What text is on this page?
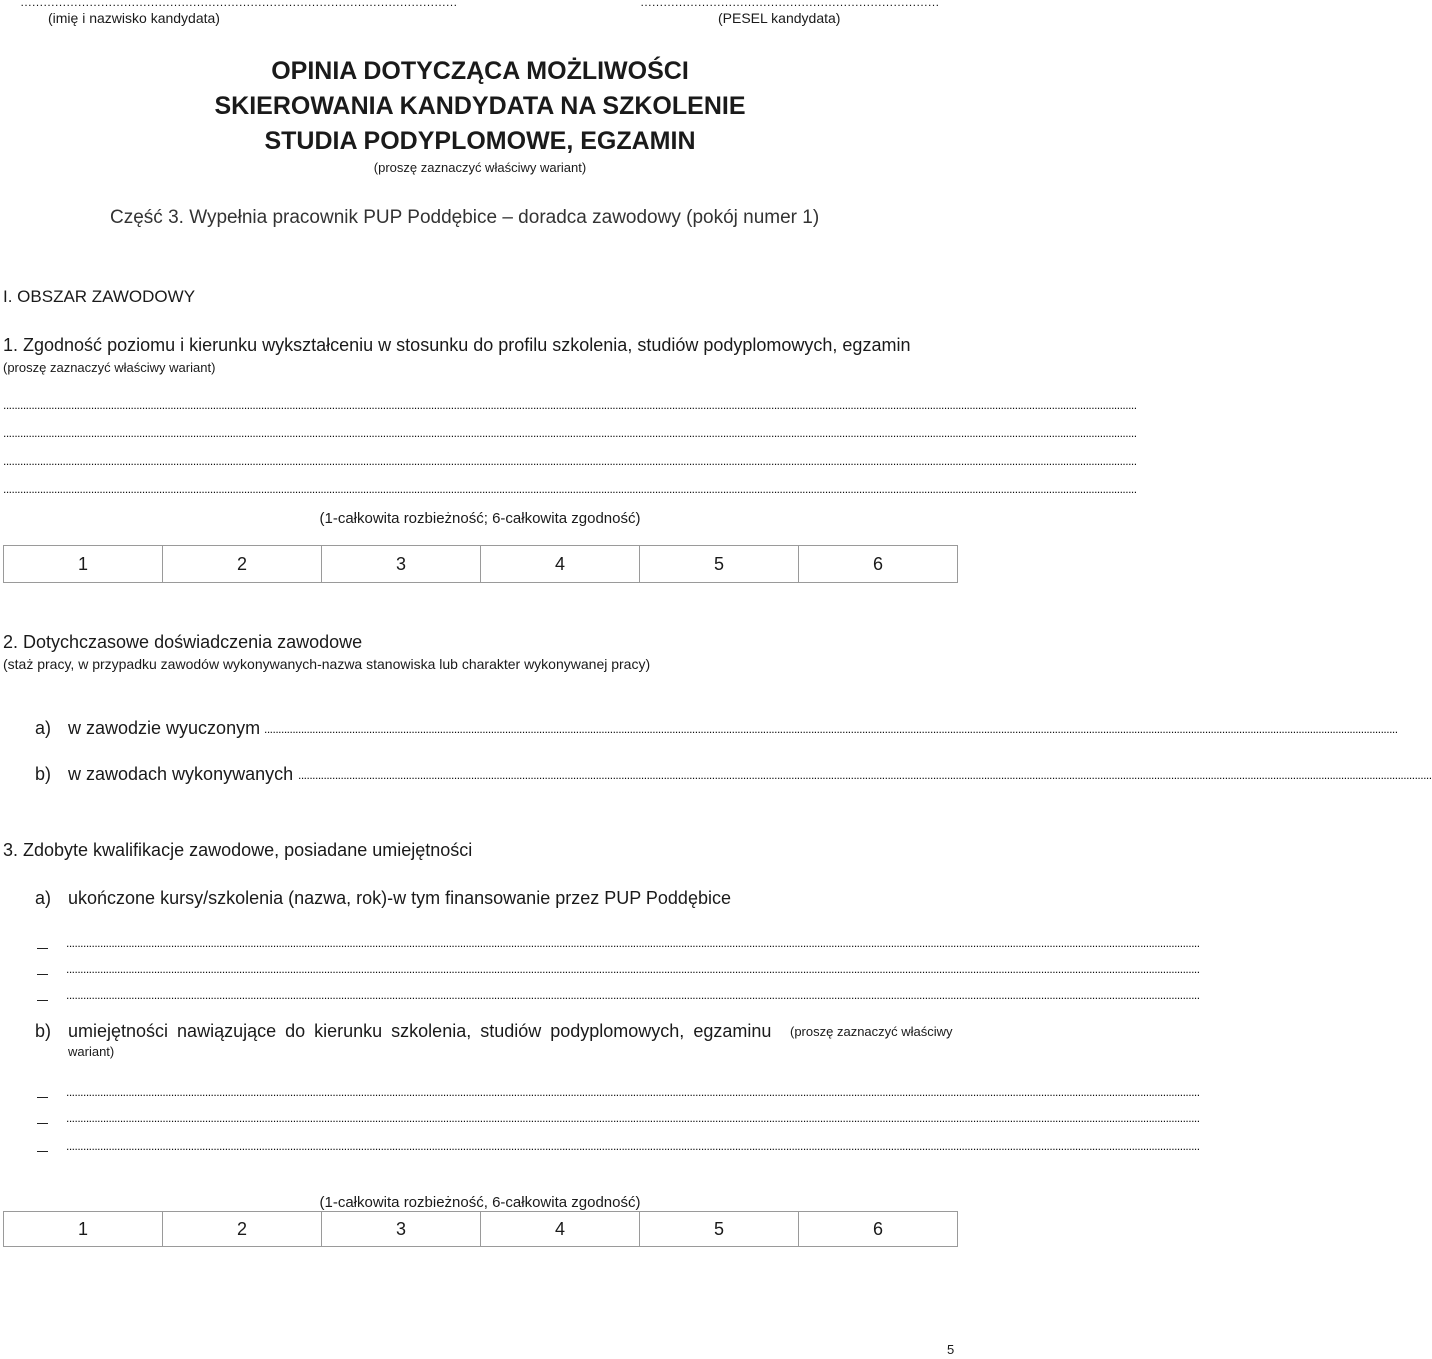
……………………………………………………………………………………………………	……………………………………………………………………
(imię i nazwisko kandydata)	(PESEL kandydata)
OPINIA DOTYCZĄCA MOŻLIWOŚCI
SKIEROWANIA KANDYDATA NA SZKOLENIE
STUDIA PODYPLOMOWE, EGZAMIN
(proszę zaznaczyć właściwy wariant)
Część 3. Wypełnia pracownik PUP Poddębice – doradca zawodowy (pokój numer 1)
I. OBSZAR ZAWODOWY
1. Zgodność poziomu i kierunku wykształceniu w stosunku do profilu szkolenia, studiów podyplomowych, egzamin
(proszę zaznaczyć właściwy wariant)
................................................................................................................................................................................................................................................................................................................................................................................................................
................................................................................................................................................................................................................................................................................................................................................................................................................
................................................................................................................................................................................................................................................................................................................................................................................................................
................................................................................................................................................................................................................................................................................................................................................................................................................
(1-całkowita rozbieżność; 6-całkowita zgodność)
1	2	3	4	5	6
2. Dotychczasowe doświadczenia zawodowe
(staż pracy, w przypadku zawodów wykonywanych-nazwa stanowiska lub charakter wykonywanej pracy)
a) w zawodzie wyuczonym ................................................................................................................................................................................................................................................................................................................................................................................................................
b) w zawodach wykonywanych ................................................................................................................................................................................................................................................................................................................................................................................................................
3. Zdobyte kwalifikacje zawodowe, posiadane umiejętności
a) ukończone kursy/szkolenia (nazwa, rok)-w tym finansowanie przez PUP Poddębice
................................................................................................................................................................................................................................................................................................................................................................................................................
................................................................................................................................................................................................................................................................................................................................................................................................................
................................................................................................................................................................................................................................................................................................................................................................................................................
b) umiejętności nawiązujące do kierunku szkolenia, studiów podyplomowych, egzaminu (proszę zaznaczyć właściwy
wariant)
................................................................................................................................................................................................................................................................................................................................................................................................................
................................................................................................................................................................................................................................................................................................................................................................................................................
................................................................................................................................................................................................................................................................................................................................................................................................................
(1-całkowita rozbieżność, 6-całkowita zgodność)
1	2	3	4	5	6
5
